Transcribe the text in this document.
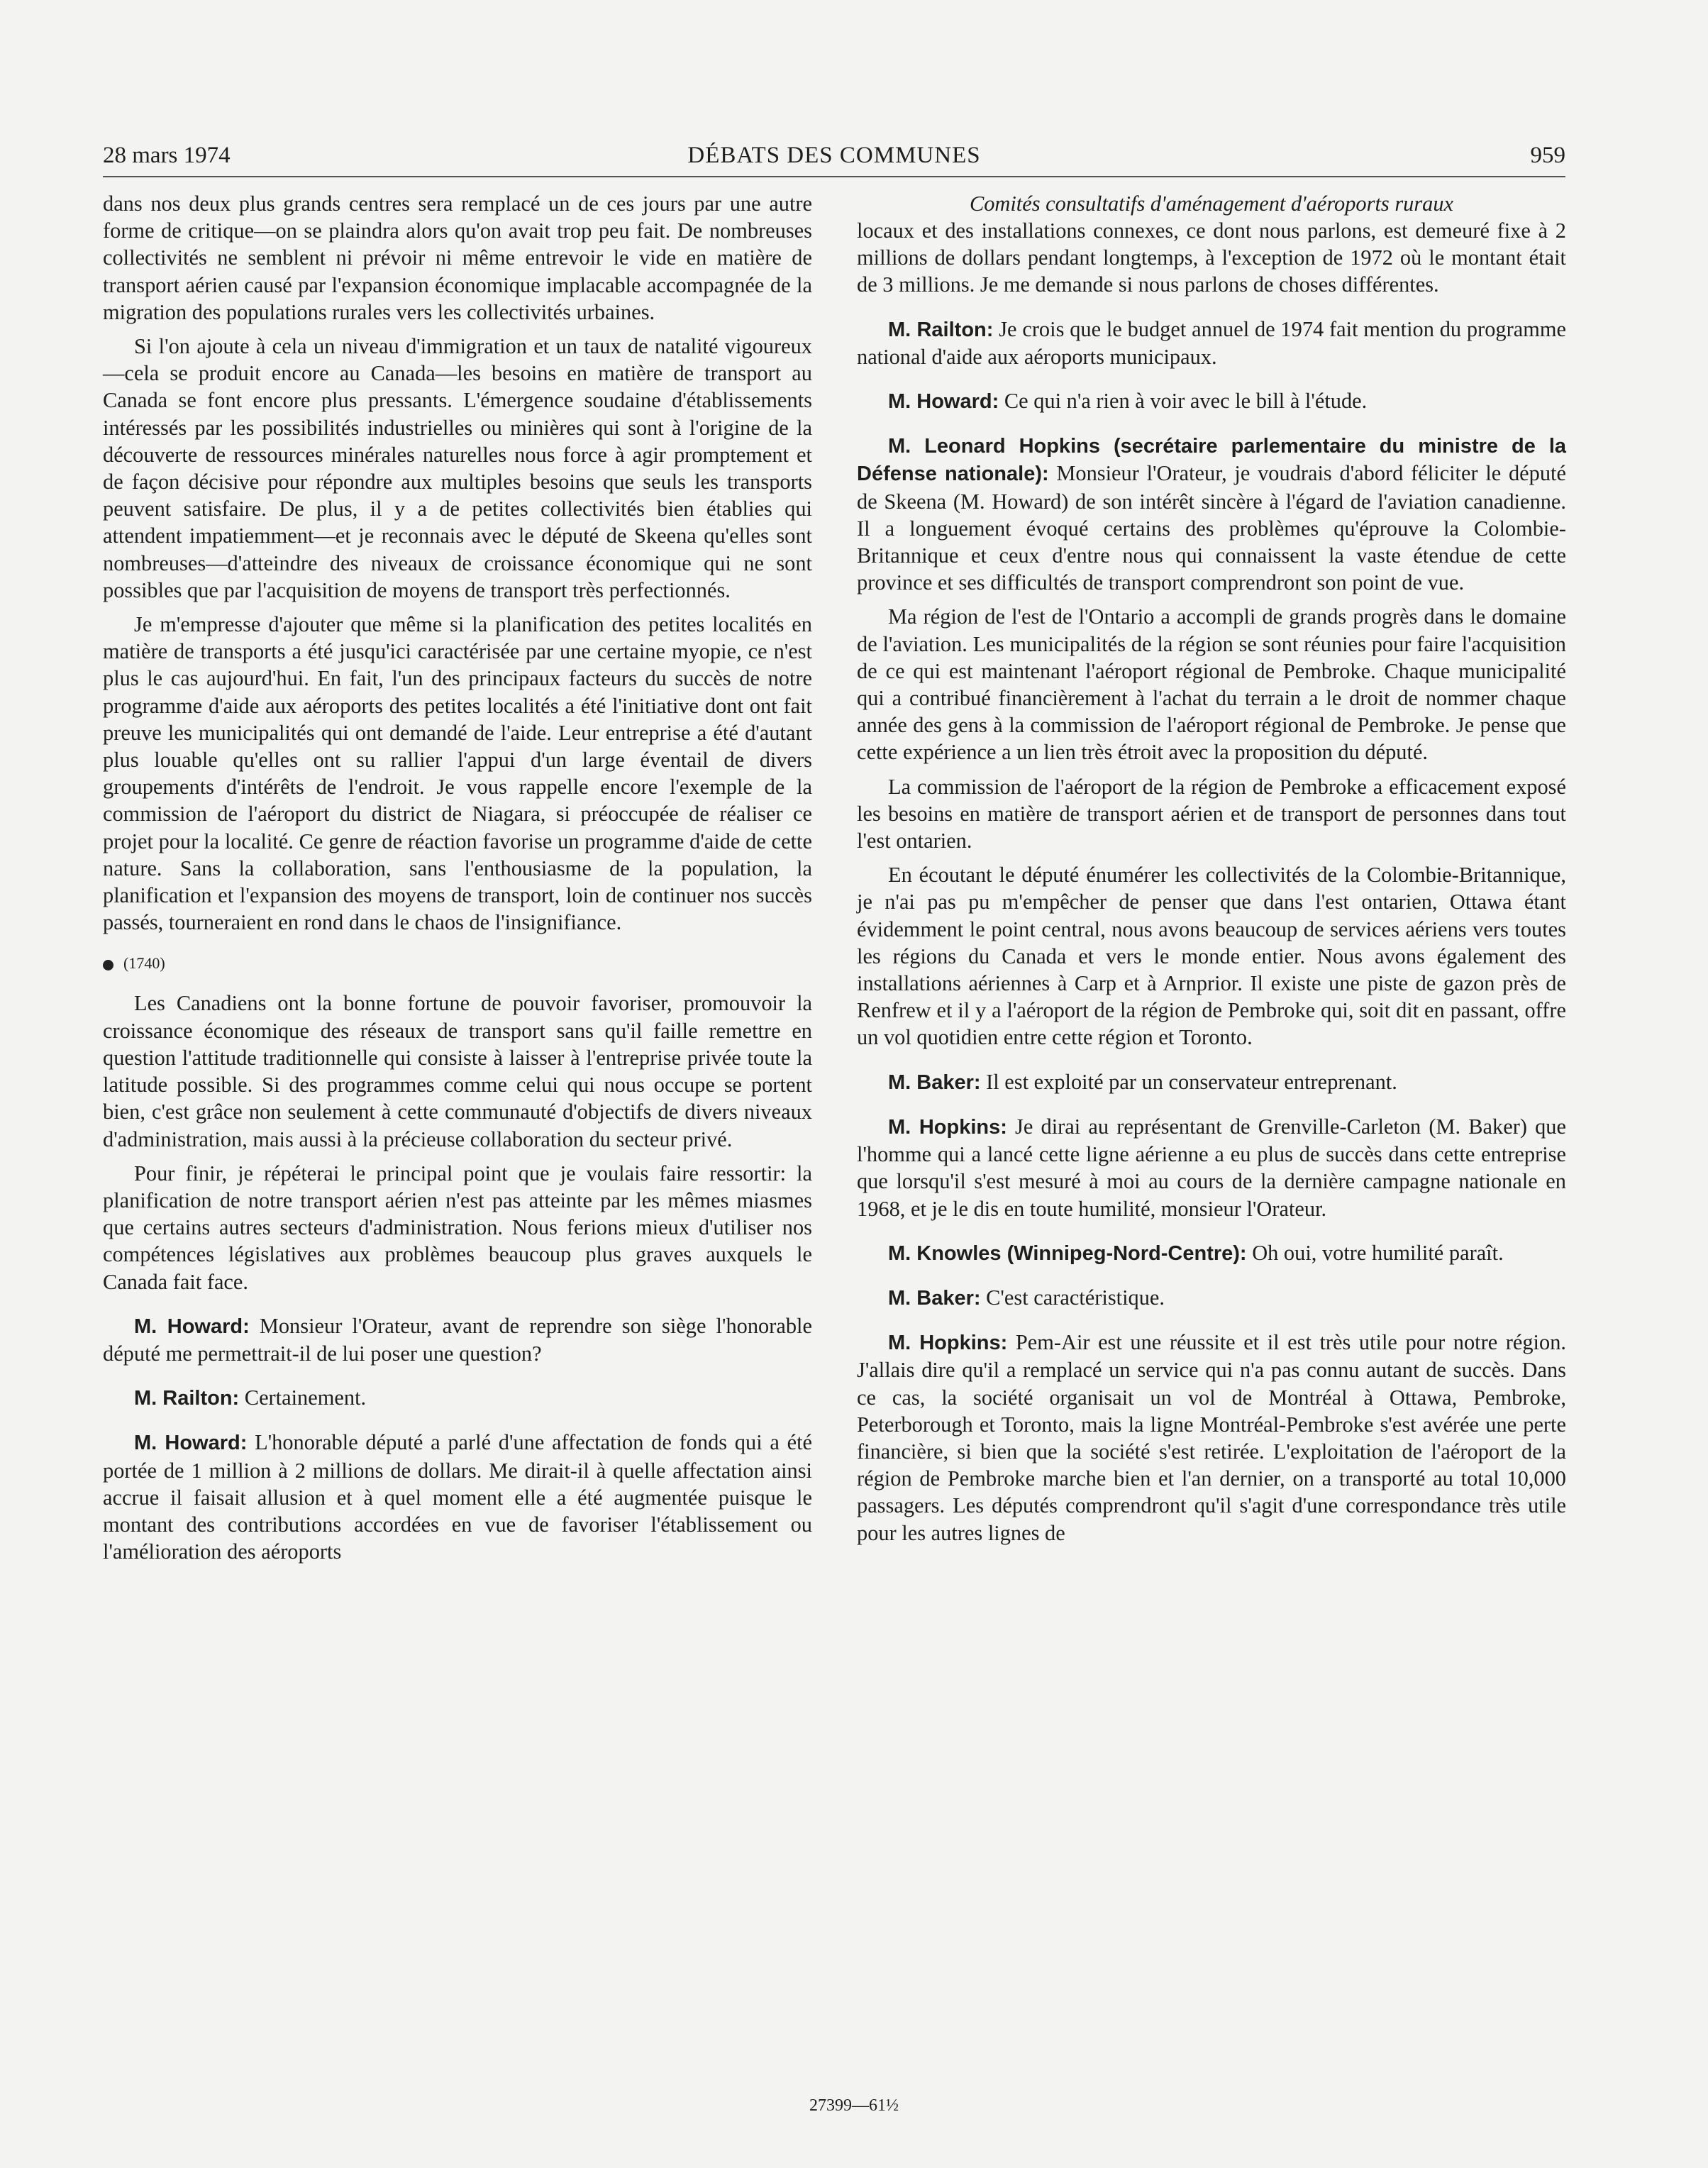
28 mars 1974	DÉBATS DES COMMUNES	959

dans nos deux plus grands centres sera remplacé un de ces jours par une autre forme de critique—on se plaindra alors qu'on avait trop peu fait. De nombreuses collectivités ne semblent ni prévoir ni même entrevoir le vide en matière de transport aérien causé par l'expansion économique implacable accompagnée de la migration des populations rurales vers les collectivités urbaines.

Si l'on ajoute à cela un niveau d'immigration et un taux de natalité vigoureux—cela se produit encore au Canada—les besoins en matière de transport au Canada se font encore plus pressants. L'émergence soudaine d'établissements intéressés par les possibilités industrielles ou minières qui sont à l'origine de la découverte de ressources minérales naturelles nous force à agir promptement et de façon décisive pour répondre aux multiples besoins que seuls les transports peuvent satisfaire. De plus, il y a de petites collectivités bien établies qui attendent impatiemment—et je reconnais avec le député de Skeena qu'elles sont nombreuses—d'atteindre des niveaux de croissance économique qui ne sont possibles que par l'acquisition de moyens de transport très perfectionnés.

Je m'empresse d'ajouter que même si la planification des petites localités en matière de transports a été jusqu'ici caractérisée par une certaine myopie, ce n'est plus le cas aujourd'hui. En fait, l'un des principaux facteurs du succès de notre programme d'aide aux aéroports des petites localités a été l'initiative dont ont fait preuve les municipalités qui ont demandé de l'aide. Leur entreprise a été d'autant plus louable qu'elles ont su rallier l'appui d'un large éventail de divers groupements d'intérêts de l'endroit. Je vous rappelle encore l'exemple de la commission de l'aéroport du district de Niagara, si préoccupée de réaliser ce projet pour la localité. Ce genre de réaction favorise un programme d'aide de cette nature. Sans la collaboration, sans l'enthousiasme de la population, la planification et l'expansion des moyens de transport, loin de continuer nos succès passés, tourneraient en rond dans le chaos de l'insignifiance.

(1740)

Les Canadiens ont la bonne fortune de pouvoir favoriser, promouvoir la croissance économique des réseaux de transport sans qu'il faille remettre en question l'attitude traditionnelle qui consiste à laisser à l'entreprise privée toute la latitude possible. Si des programmes comme celui qui nous occupe se portent bien, c'est grâce non seulement à cette communauté d'objectifs de divers niveaux d'administration, mais aussi à la précieuse collaboration du secteur privé.

Pour finir, je répéterai le principal point que je voulais faire ressortir: la planification de notre transport aérien n'est pas atteinte par les mêmes miasmes que certains autres secteurs d'administration. Nous ferions mieux d'utiliser nos compétences législatives aux problèmes beaucoup plus graves auxquels le Canada fait face.

M. Howard: Monsieur l'Orateur, avant de reprendre son siège l'honorable député me permettrait-il de lui poser une question?

M. Railton: Certainement.

M. Howard: L'honorable député a parlé d'une affectation de fonds qui a été portée de 1 million à 2 millions de dollars. Me dirait-il à quelle affectation ainsi accrue il faisait allusion et à quel moment elle a été augmentée puisque le montant des contributions accordées en vue de favoriser l'établissement ou l'amélioration des aéroports

Comités consultatifs d'aménagement d'aéroports ruraux

locaux et des installations connexes, ce dont nous parlons, est demeuré fixe à 2 millions de dollars pendant longtemps, à l'exception de 1972 où le montant était de 3 millions. Je me demande si nous parlons de choses différentes.

M. Railton: Je crois que le budget annuel de 1974 fait mention du programme national d'aide aux aéroports municipaux.

M. Howard: Ce qui n'a rien à voir avec le bill à l'étude.

M. Leonard Hopkins (secrétaire parlementaire du ministre de la Défense nationale): Monsieur l'Orateur, je voudrais d'abord féliciter le député de Skeena (M. Howard) de son intérêt sincère à l'égard de l'aviation canadienne. Il a longuement évoqué certains des problèmes qu'éprouve la Colombie-Britannique et ceux d'entre nous qui connaissent la vaste étendue de cette province et ses difficultés de transport comprendront son point de vue.

Ma région de l'est de l'Ontario a accompli de grands progrès dans le domaine de l'aviation. Les municipalités de la région se sont réunies pour faire l'acquisition de ce qui est maintenant l'aéroport régional de Pembroke. Chaque municipalité qui a contribué financièrement à l'achat du terrain a le droit de nommer chaque année des gens à la commission de l'aéroport régional de Pembroke. Je pense que cette expérience a un lien très étroit avec la proposition du député.

La commission de l'aéroport de la région de Pembroke a efficacement exposé les besoins en matière de transport aérien et de transport de personnes dans tout l'est ontarien.

En écoutant le député énumérer les collectivités de la Colombie-Britannique, je n'ai pas pu m'empêcher de penser que dans l'est ontarien, Ottawa étant évidemment le point central, nous avons beaucoup de services aériens vers toutes les régions du Canada et vers le monde entier. Nous avons également des installations aériennes à Carp et à Arnprior. Il existe une piste de gazon près de Renfrew et il y a l'aéroport de la région de Pembroke qui, soit dit en passant, offre un vol quotidien entre cette région et Toronto.

M. Baker: Il est exploité par un conservateur entreprenant.

M. Hopkins: Je dirai au représentant de Grenville-Carleton (M. Baker) que l'homme qui a lancé cette ligne aérienne a eu plus de succès dans cette entreprise que lorsqu'il s'est mesuré à moi au cours de la dernière campagne nationale en 1968, et je le dis en toute humilité, monsieur l'Orateur.

M. Knowles (Winnipeg-Nord-Centre): Oh oui, votre humilité paraît.

M. Baker: C'est caractéristique.

M. Hopkins: Pem-Air est une réussite et il est très utile pour notre région. J'allais dire qu'il a remplacé un service qui n'a pas connu autant de succès. Dans ce cas, la société organisait un vol de Montréal à Ottawa, Pembroke, Peterborough et Toronto, mais la ligne Montréal-Pembroke s'est avérée une perte financière, si bien que la société s'est retirée. L'exploitation de l'aéroport de la région de Pembroke marche bien et l'an dernier, on a transporté au total 10,000 passagers. Les députés comprendront qu'il s'agit d'une correspondance très utile pour les autres lignes de

27399—61½
